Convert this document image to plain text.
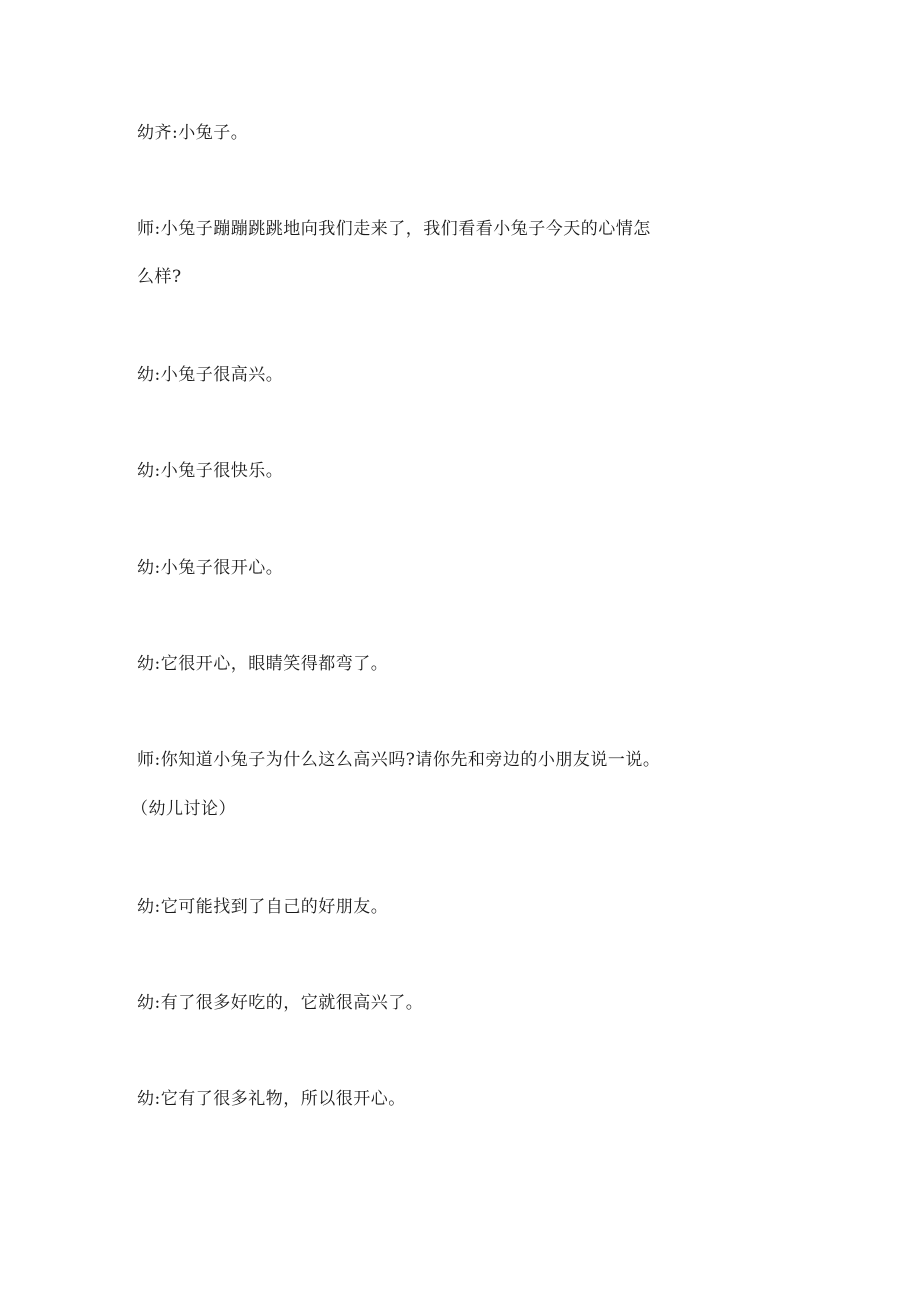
幼齐:小兔子。

师:小兔子蹦蹦跳跳地向我们走来了，我们看看小兔子今天的心情怎

么样?

幼:小兔子很高兴。

幼:小兔子很快乐。

幼:小兔子很开心。

幼:它很开心，眼睛笑得都弯了。

师:你知道小兔子为什么这么高兴吗?请你先和旁边的小朋友说一说。

（幼儿讨论）

幼:它可能找到了自己的好朋友。

幼:有了很多好吃的，它就很高兴了。

幼:它有了很多礼物，所以很开心。
